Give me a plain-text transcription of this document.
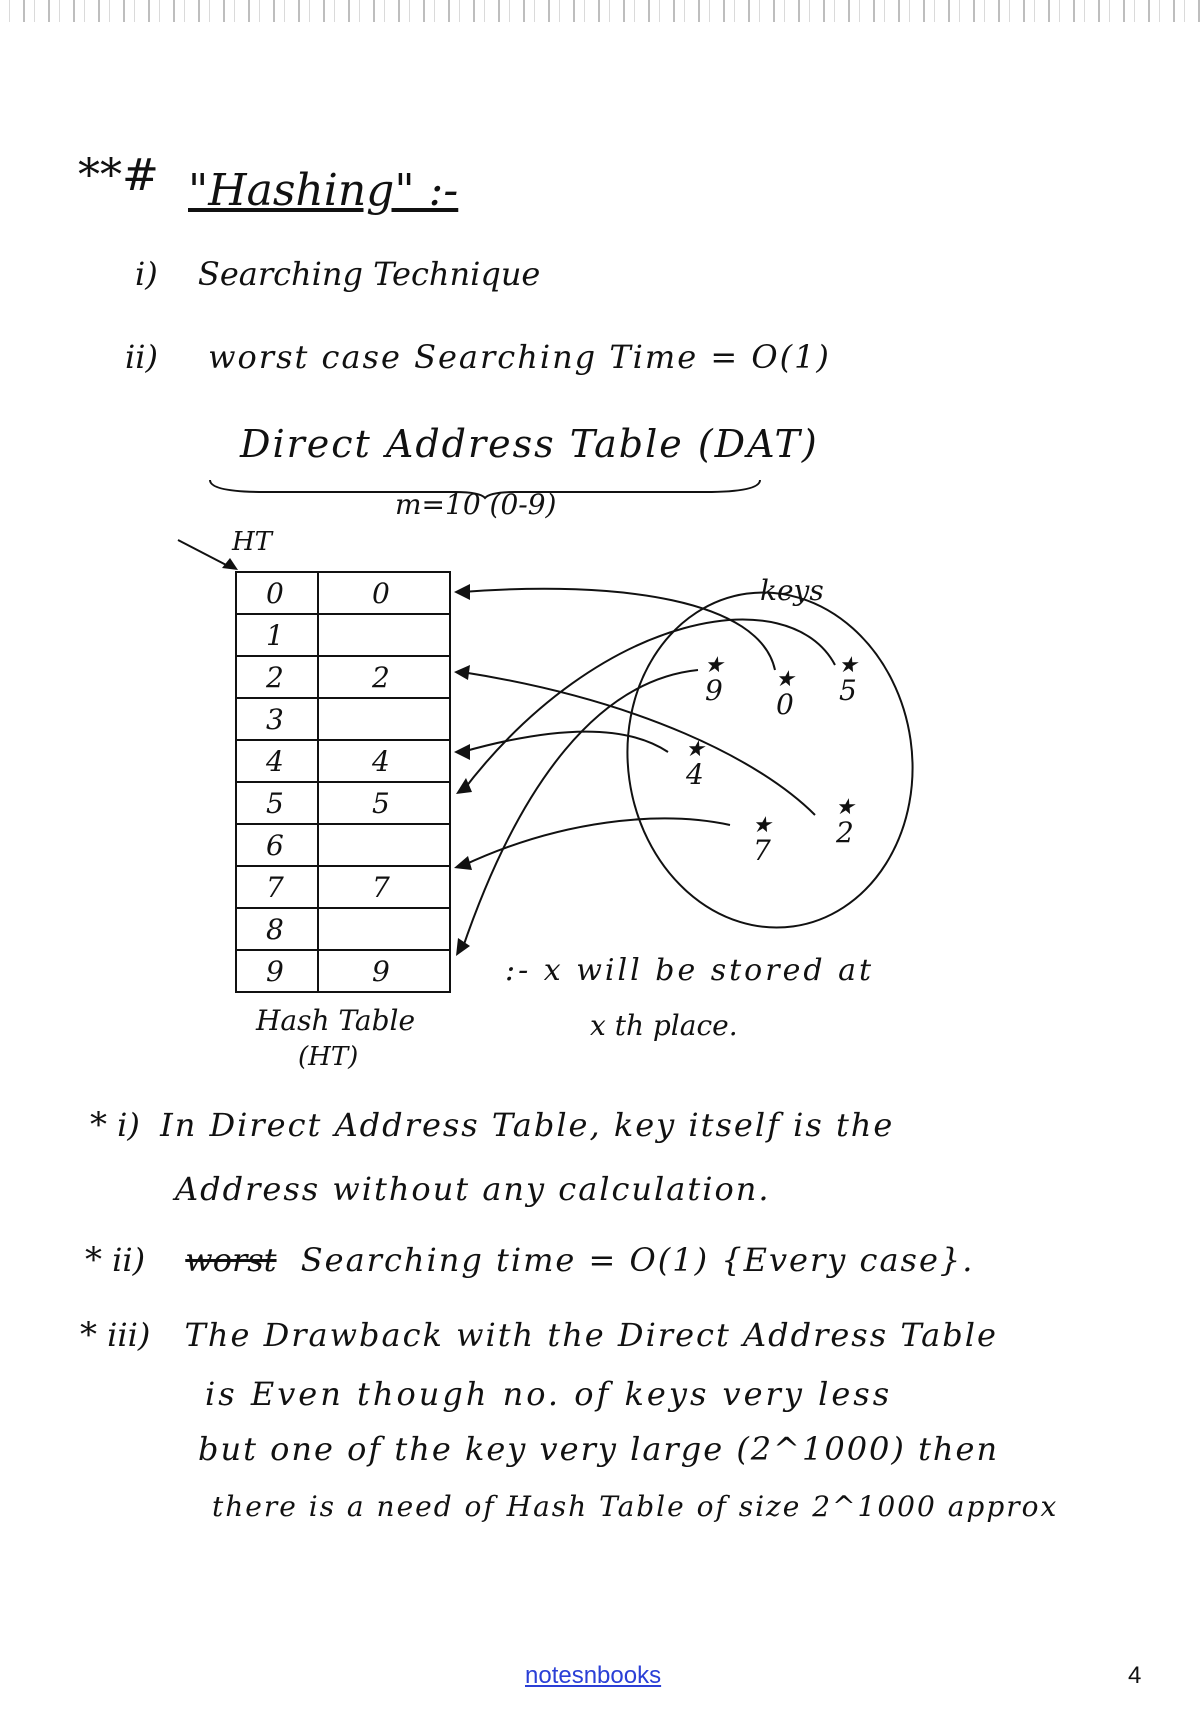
**# "Hashing" :-
i) Searching Technique
ii) worst case Searching Time = O(1)
Direct Address Table (DAT)
m=10 (0-9)
HT
0	0
1
2	2
3
4	4
5	5
6
7	7
8
9	9
keys
★
9 ★
0
★
5
★
4
★
7
★
2
Hash Table
(HT)
:- x will be stored at
x th place.
* i) In Direct Address Table, key itself is the
Address without any calculation.
* ii) worst Searching time = O(1) {Every case}.
* iii) The Drawback with the Direct Address Table
is Even though no. of keys very less
but one of the key very large (2^1000) then
there is a need of Hash Table of size 2^1000 approx
notesnbooks	4
